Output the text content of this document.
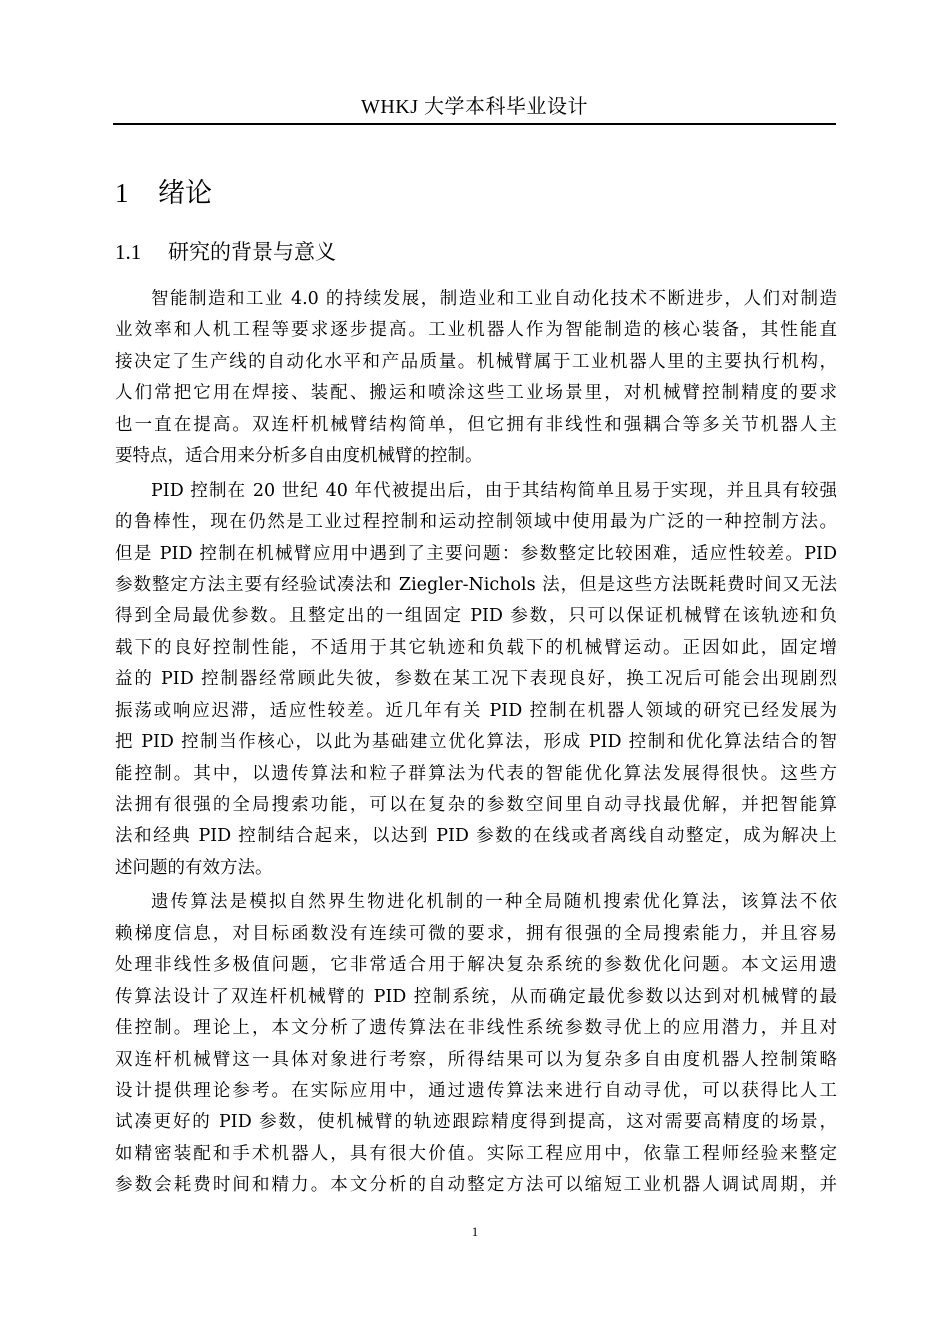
WHKJ 大学本科毕业设计
1 绪论
1.1 研究的背景与意义
智能制造和工业 4.0 的持续发展，制造业和工业自动化技术不断进步，人们对制造
业效率和人机工程等要求逐步提高。工业机器人作为智能制造的核心装备，其性能直
接决定了生产线的自动化水平和产品质量。机械臂属于工业机器人里的主要执行机构，
人们常把它用在焊接、装配、搬运和喷涂这些工业场景里，对机械臂控制精度的要求
也一直在提高。双连杆机械臂结构简单，但它拥有非线性和强耦合等多关节机器人主
要特点，适合用来分析多自由度机械臂的控制。
PID 控制在 20 世纪 40 年代被提出后，由于其结构简单且易于实现，并且具有较强
的鲁棒性，现在仍然是工业过程控制和运动控制领域中使用最为广泛的一种控制方法。
但是 PID 控制在机械臂应用中遇到了主要问题：参数整定比较困难，适应性较差。PID
参数整定方法主要有经验试凑法和 Ziegler-Nichols 法，但是这些方法既耗费时间又无法
得到全局最优参数。且整定出的一组固定 PID 参数，只可以保证机械臂在该轨迹和负
载下的良好控制性能，不适用于其它轨迹和负载下的机械臂运动。正因如此，固定增
益的 PID 控制器经常顾此失彼，参数在某工况下表现良好，换工况后可能会出现剧烈
振荡或响应迟滞，适应性较差。近几年有关 PID 控制在机器人领域的研究已经发展为
把 PID 控制当作核心，以此为基础建立优化算法，形成 PID 控制和优化算法结合的智
能控制。其中，以遗传算法和粒子群算法为代表的智能优化算法发展得很快。这些方
法拥有很强的全局搜索功能，可以在复杂的参数空间里自动寻找最优解，并把智能算
法和经典 PID 控制结合起来，以达到 PID 参数的在线或者离线自动整定，成为解决上
述问题的有效方法。
遗传算法是模拟自然界生物进化机制的一种全局随机搜索优化算法，该算法不依
赖梯度信息，对目标函数没有连续可微的要求，拥有很强的全局搜索能力，并且容易
处理非线性多极值问题，它非常适合用于解决复杂系统的参数优化问题。本文运用遗
传算法设计了双连杆机械臂的 PID 控制系统，从而确定最优参数以达到对机械臂的最
佳控制。理论上，本文分析了遗传算法在非线性系统参数寻优上的应用潜力，并且对
双连杆机械臂这一具体对象进行考察，所得结果可以为复杂多自由度机器人控制策略
设计提供理论参考。在实际应用中，通过遗传算法来进行自动寻优，可以获得比人工
试凑更好的 PID 参数，使机械臂的轨迹跟踪精度得到提高，这对需要高精度的场景，
如精密装配和手术机器人，具有很大价值。实际工程应用中，依靠工程师经验来整定
参数会耗费时间和精力。本文分析的自动整定方法可以缩短工业机器人调试周期，并
1
